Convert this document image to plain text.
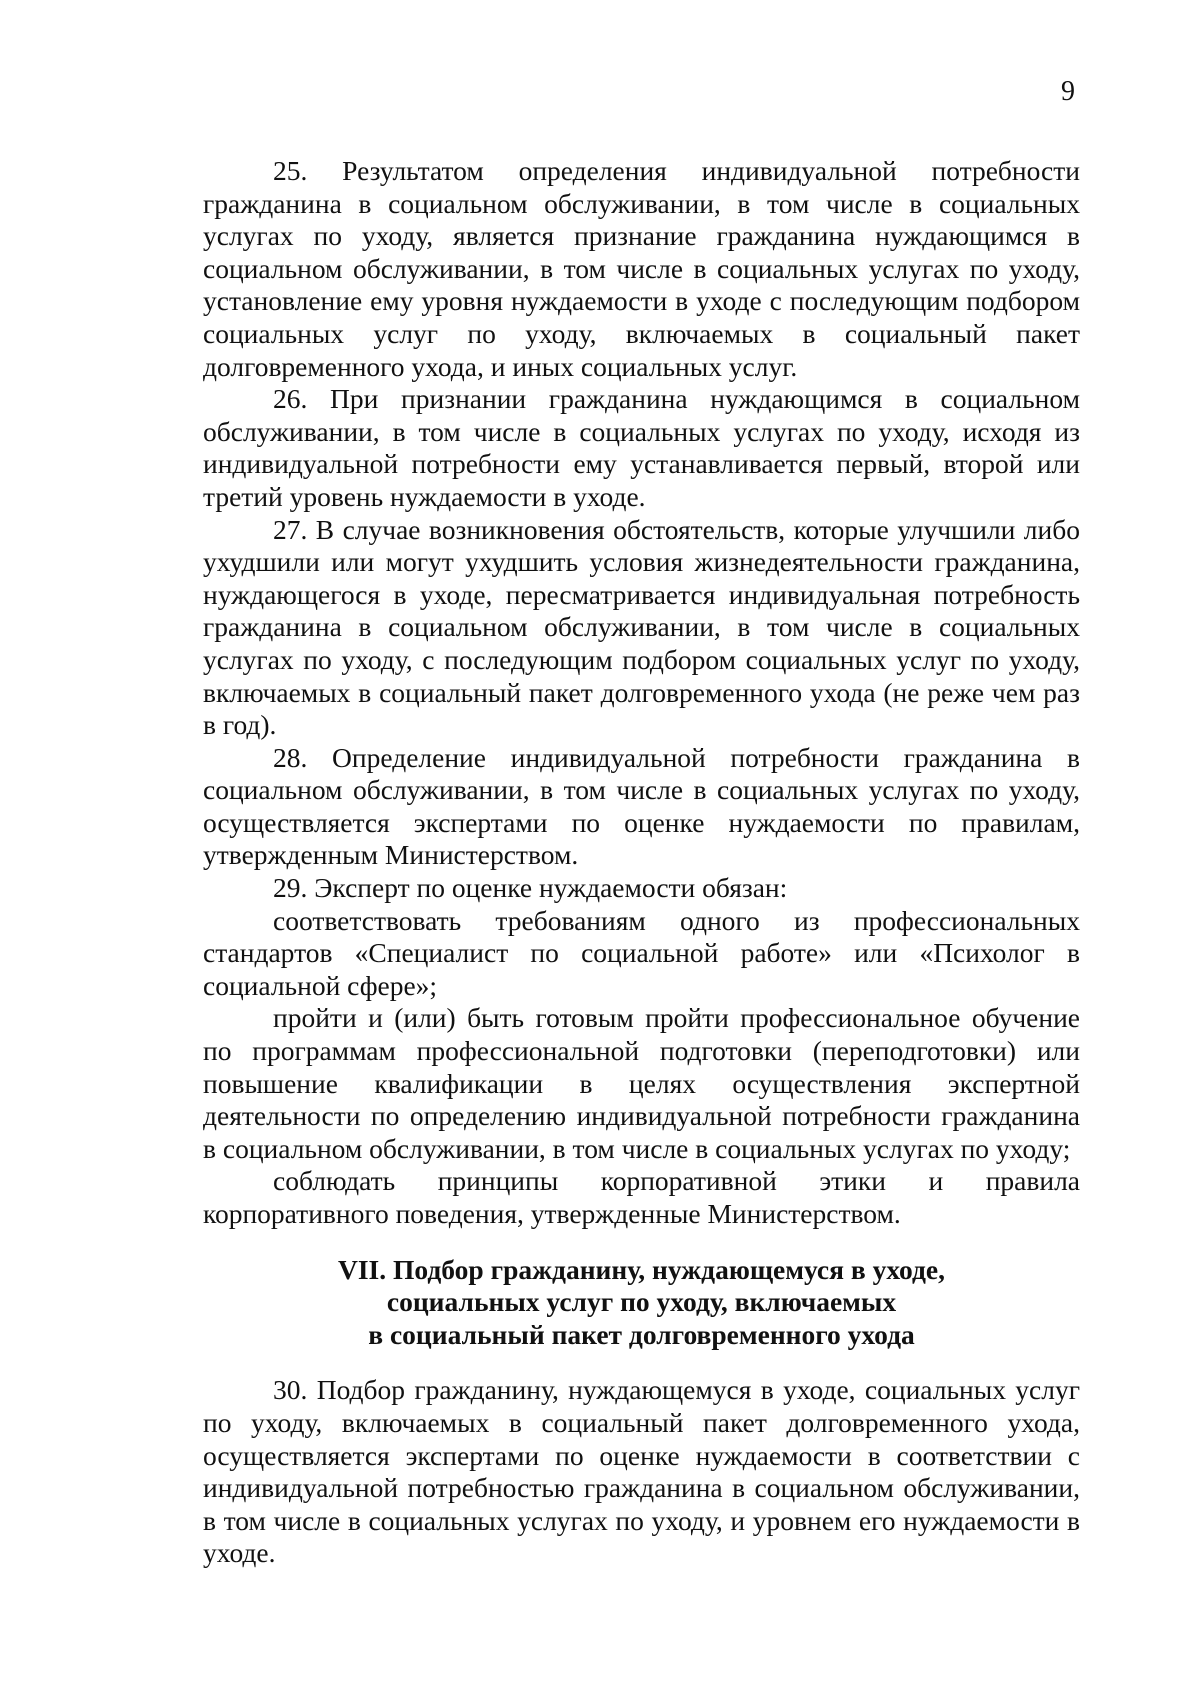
9

25. Результатом определения индивидуальной потребности гражданина в социальном обслуживании, в том числе в социальных услугах по уходу, является признание гражданина нуждающимся в социальном обслуживании, в том числе в социальных услугах по уходу, установление ему уровня нуждаемости в уходе с последующим подбором социальных услуг по уходу, включаемых в социальный пакет долговременного ухода, и иных социальных услуг.

26. При признании гражданина нуждающимся в социальном обслуживании, в том числе в социальных услугах по уходу, исходя из индивидуальной потребности ему устанавливается первый, второй или третий уровень нуждаемости в уходе.

27. В случае возникновения обстоятельств, которые улучшили либо ухудшили или могут ухудшить условия жизнедеятельности гражданина, нуждающегося в уходе, пересматривается индивидуальная потребность гражданина в социальном обслуживании, в том числе в социальных услугах по уходу, с последующим подбором социальных услуг по уходу, включаемых в социальный пакет долговременного ухода (не реже чем раз в год).

28. Определение индивидуальной потребности гражданина в социальном обслуживании, в том числе в социальных услугах по уходу, осуществляется экспертами по оценке нуждаемости по правилам, утвержденным Министерством.

29. Эксперт по оценке нуждаемости обязан:

соответствовать требованиям одного из профессиональных стандартов «Специалист по социальной работе» или «Психолог в социальной сфере»;

пройти и (или) быть готовым пройти профессиональное обучение по программам профессиональной подготовки (переподготовки) или повышение квалификации в целях осуществления экспертной деятельности по определению индивидуальной потребности гражданина в социальном обслуживании, в том числе в социальных услугах по уходу;

соблюдать принципы корпоративной этики и правила корпоративного поведения, утвержденные Министерством.

VII. Подбор гражданину, нуждающемуся в уходе,
социальных услуг по уходу, включаемых
в социальный пакет долговременного ухода

30. Подбор гражданину, нуждающемуся в уходе, социальных услуг по уходу, включаемых в социальный пакет долговременного ухода, осуществляется экспертами по оценке нуждаемости в соответствии с индивидуальной потребностью гражданина в социальном обслуживании, в том числе в социальных услугах по уходу, и уровнем его нуждаемости в уходе.
